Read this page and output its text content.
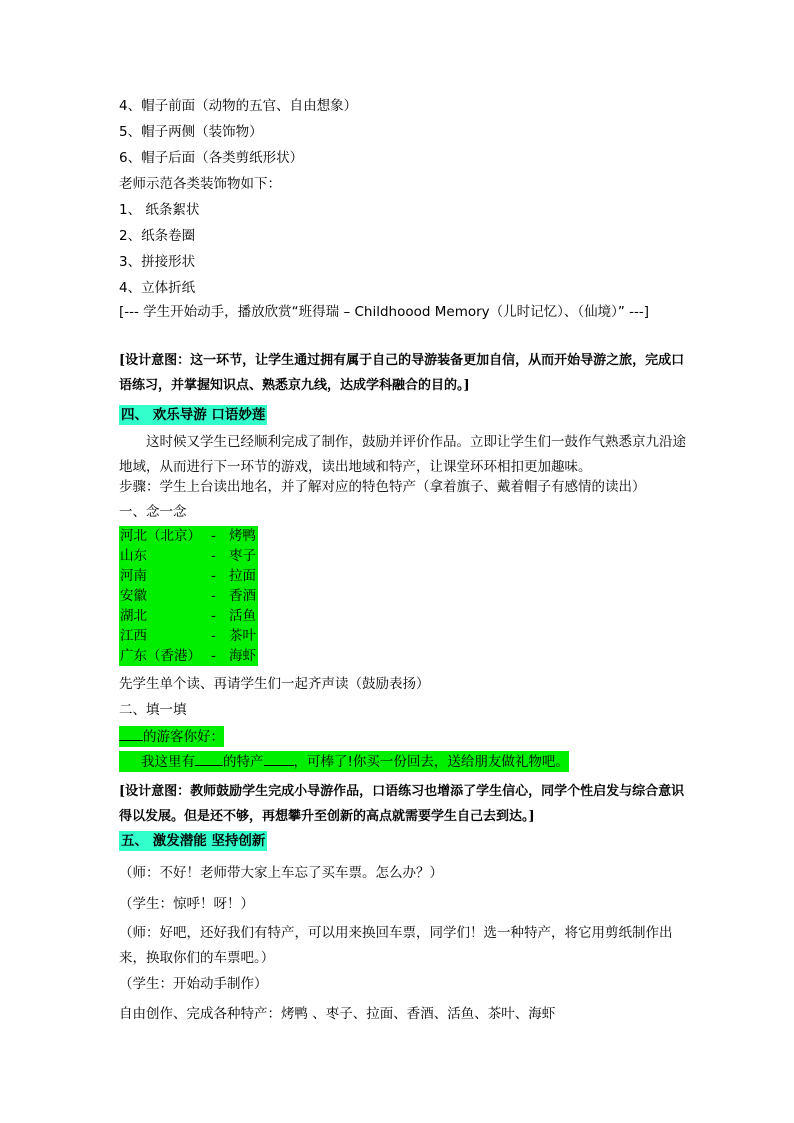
4、帽子前面（动物的五官、自由想象）
5、帽子两侧（装饰物）
6、帽子后面（各类剪纸形状）
老师示范各类装饰物如下：
1、 纸条絮状
2、纸条卷圈
3、拼接形状
4、立体折纸
[--- 学生开始动手，播放欣赏“班得瑞 – Childhoood Memory（儿时记忆）、（仙境）” ---]
[设计意图：这一环节，让学生通过拥有属于自己的导游装备更加自信，从而开始导游之旅，完成口语练习，并掌握知识点、熟悉京九线，达成学科融合的目的。]
四、 欢乐导游 口语妙莲
这时候又学生已经顺利完成了制作，鼓励并评价作品。立即让学生们一鼓作气熟悉京九沿途地域，从而进行下一环节的游戏，读出地域和特产，让课堂环环相扣更加趣味。
步骤：学生上台读出地名，并了解对应的特色特产（拿着旗子、戴着帽子有感情的读出）
一、念一念
河北（北京） - 烤鸭
山东	- 枣子
河南	- 拉面
安徽	- 香酒
湖北	- 活鱼
江西	- 茶叶
广东（香港） - 海虾
先学生单个读、再请学生们一起齐声读（鼓励表扬）
二、填一填
的游客你好：
我这里有 的特产 ，可棒了!你买一份回去，送给朋友做礼物吧。
[设计意图：教师鼓励学生完成小导游作品，口语练习也增添了学生信心，同学个性启发与综合意识得以发展。但是还不够，再想攀升至创新的高点就需要学生自己去到达。]
五、 激发潜能 坚持创新
（师：不好！老师带大家上车忘了买车票。怎么办？）
（学生：惊呼！呀！）
（师：好吧，还好我们有特产，可以用来换回车票，同学们！选一种特产，将它用剪纸制作出来，换取你们的车票吧。）
（学生：开始动手制作）
自由创作、完成各种特产：烤鸭 、枣子、拉面、香酒、活鱼、茶叶、海虾
